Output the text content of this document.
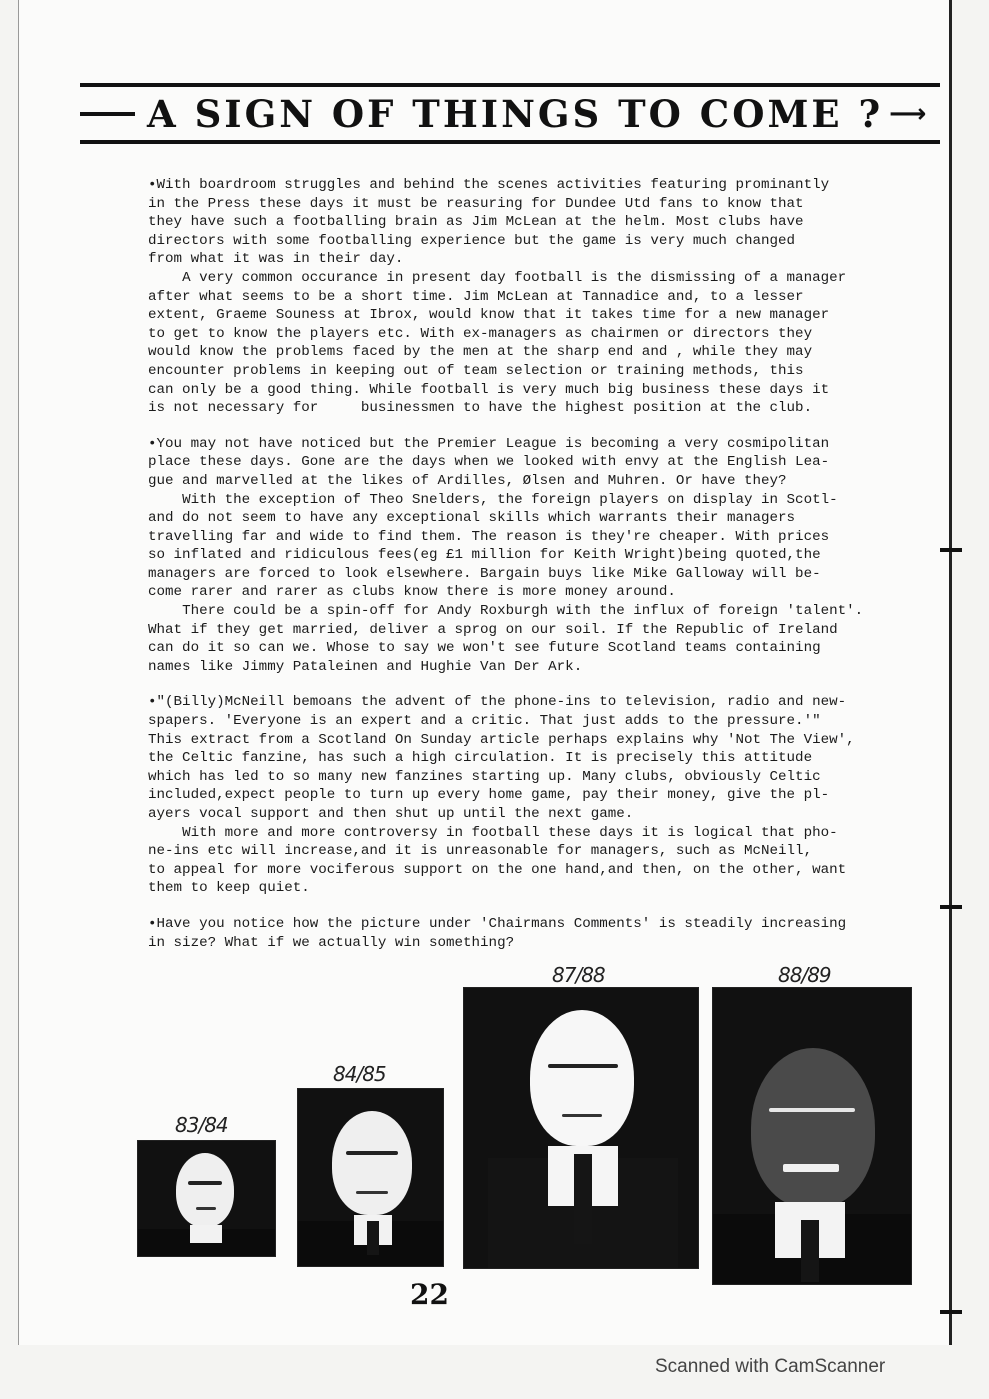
A SIGN OF THINGS TO COME ? ⟶

•With boardroom struggles and behind the scenes activities featuring prominantly
in the Press these days it must be reasuring for Dundee Utd fans to know that
they have such a footballing brain as Jim McLean at the helm. Most clubs have
directors with some footballing experience but the game is very much changed
from what it was in their day.
A very common occurance in present day football is the dismissing of a manager
after what seems to be a short time. Jim McLean at Tannadice and, to a lesser
extent, Graeme Souness at Ibrox, would know that it takes time for a new manager
to get to know the players etc. With ex-managers as chairmen or directors they
would know the problems faced by the men at the sharp end and , while they may
encounter problems in keeping out of team selection or training methods, this
can only be a good thing. While football is very much big business these days it
is not necessary for     businessmen to have the highest position at the club.

•You may not have noticed but the Premier League is becoming a very cosmipolitan
place these days. Gone are the days when we looked with envy at the English Lea-
gue and marvelled at the likes of Ardilles, Ølsen and Muhren. Or have they?
With the exception of Theo Snelders, the foreign players on display in Scotl-
and do not seem to have any exceptional skills which warrants their managers
travelling far and wide to find them. The reason is they're cheaper. With prices
so inflated and ridiculous fees(eg £1 million for Keith Wright)being quoted,the
managers are forced to look elsewhere. Bargain buys like Mike Galloway will be-
come rarer and rarer as clubs know there is more money around.
There could be a spin-off for Andy Roxburgh with the influx of foreign 'talent'.
What if they get married, deliver a sprog on our soil. If the Republic of Ireland
can do it so can we. Whose to say we won't see future Scotland teams containing
names like Jimmy Pataleinen and Hughie Van Der Ark.

•"(Billy)McNeill bemoans the advent of the phone-ins to television, radio and new-
spapers. 'Everyone is an expert and a critic. That just adds to the pressure.'"
This extract from a Scotland On Sunday article perhaps explains why 'Not The View',
the Celtic fanzine, has such a high circulation. It is precisely this attitude
which has led to so many new fanzines starting up. Many clubs, obviously Celtic
included,expect people to turn up every home game, pay their money, give the pl-
ayers vocal support and then shut up until the next game.
With more and more controversy in football these days it is logical that pho-
ne-ins etc will increase,and it is unreasonable for managers, such as McNeill,
to appeal for more vociferous support on the one hand,and then, on the other, want
them to keep quiet.

•Have you notice how the picture under 'Chairmans Comments' is steadily increasing
in size? What if we actually win something?

83/84
84/85
87/88	88/89
22
Scanned with CamScanner
